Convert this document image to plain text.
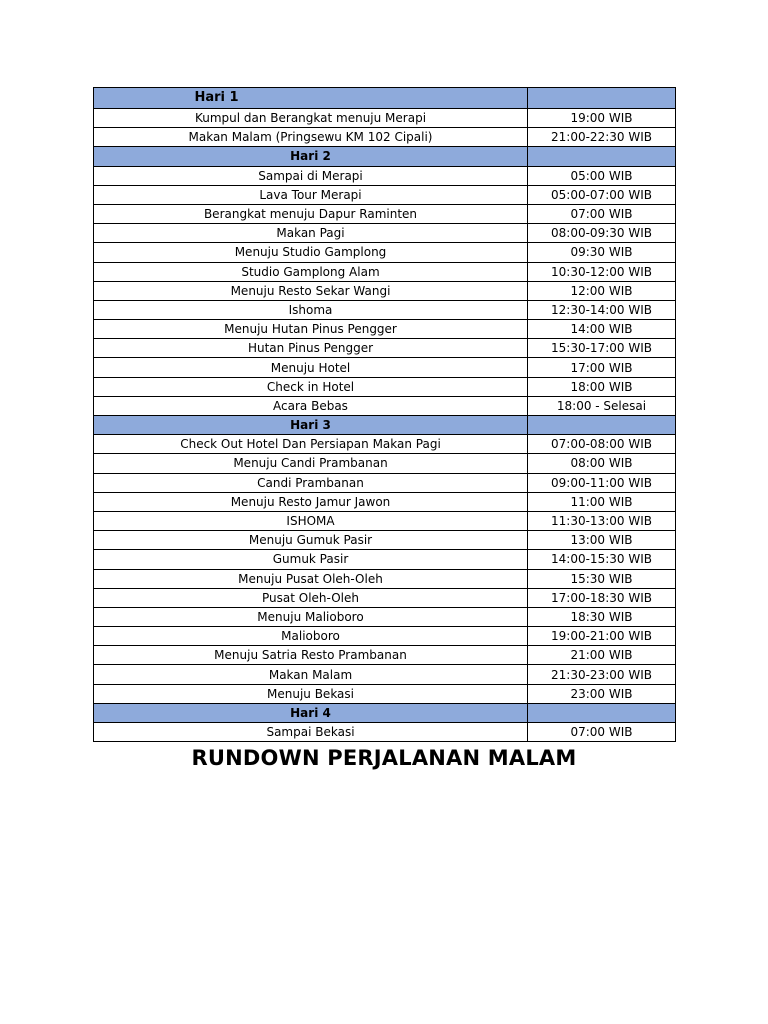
Hari 1	
Kumpul dan Berangkat menuju Merapi	19:00 WIB
Makan Malam (Pringsewu KM 102 Cipali)	21:00-22:30 WIB
Hari 2	
Sampai di Merapi	05:00 WIB
Lava Tour Merapi	05:00-07:00 WIB
Berangkat menuju Dapur Raminten	07:00 WIB
Makan Pagi	08:00-09:30 WIB
Menuju Studio Gamplong	09:30 WIB
Studio Gamplong Alam	10:30-12:00 WIB
Menuju Resto Sekar Wangi	12:00 WIB
Ishoma	12:30-14:00 WIB
Menuju Hutan Pinus Pengger	14:00 WIB
Hutan Pinus Pengger	15:30-17:00 WIB
Menuju Hotel	17:00 WIB
Check in Hotel	18:00 WIB
Acara Bebas	18:00 - Selesai
Hari 3	
Check Out Hotel Dan Persiapan Makan Pagi	07:00-08:00 WIB
Menuju Candi Prambanan	08:00 WIB
Candi Prambanan	09:00-11:00 WIB
Menuju Resto Jamur Jawon	11:00 WIB
ISHOMA	11:30-13:00 WIB
Menuju Gumuk Pasir	13:00 WIB
Gumuk Pasir	14:00-15:30 WIB
Menuju Pusat Oleh-Oleh	15:30 WIB
Pusat Oleh-Oleh	17:00-18:30 WIB
Menuju Malioboro	18:30 WIB
Malioboro	19:00-21:00 WIB
Menuju Satria Resto Prambanan	21:00 WIB
Makan Malam	21:30-23:00 WIB
Menuju Bekasi	23:00 WIB
Hari 4	
Sampai Bekasi	07:00 WIB
RUNDOWN PERJALANAN MALAM
